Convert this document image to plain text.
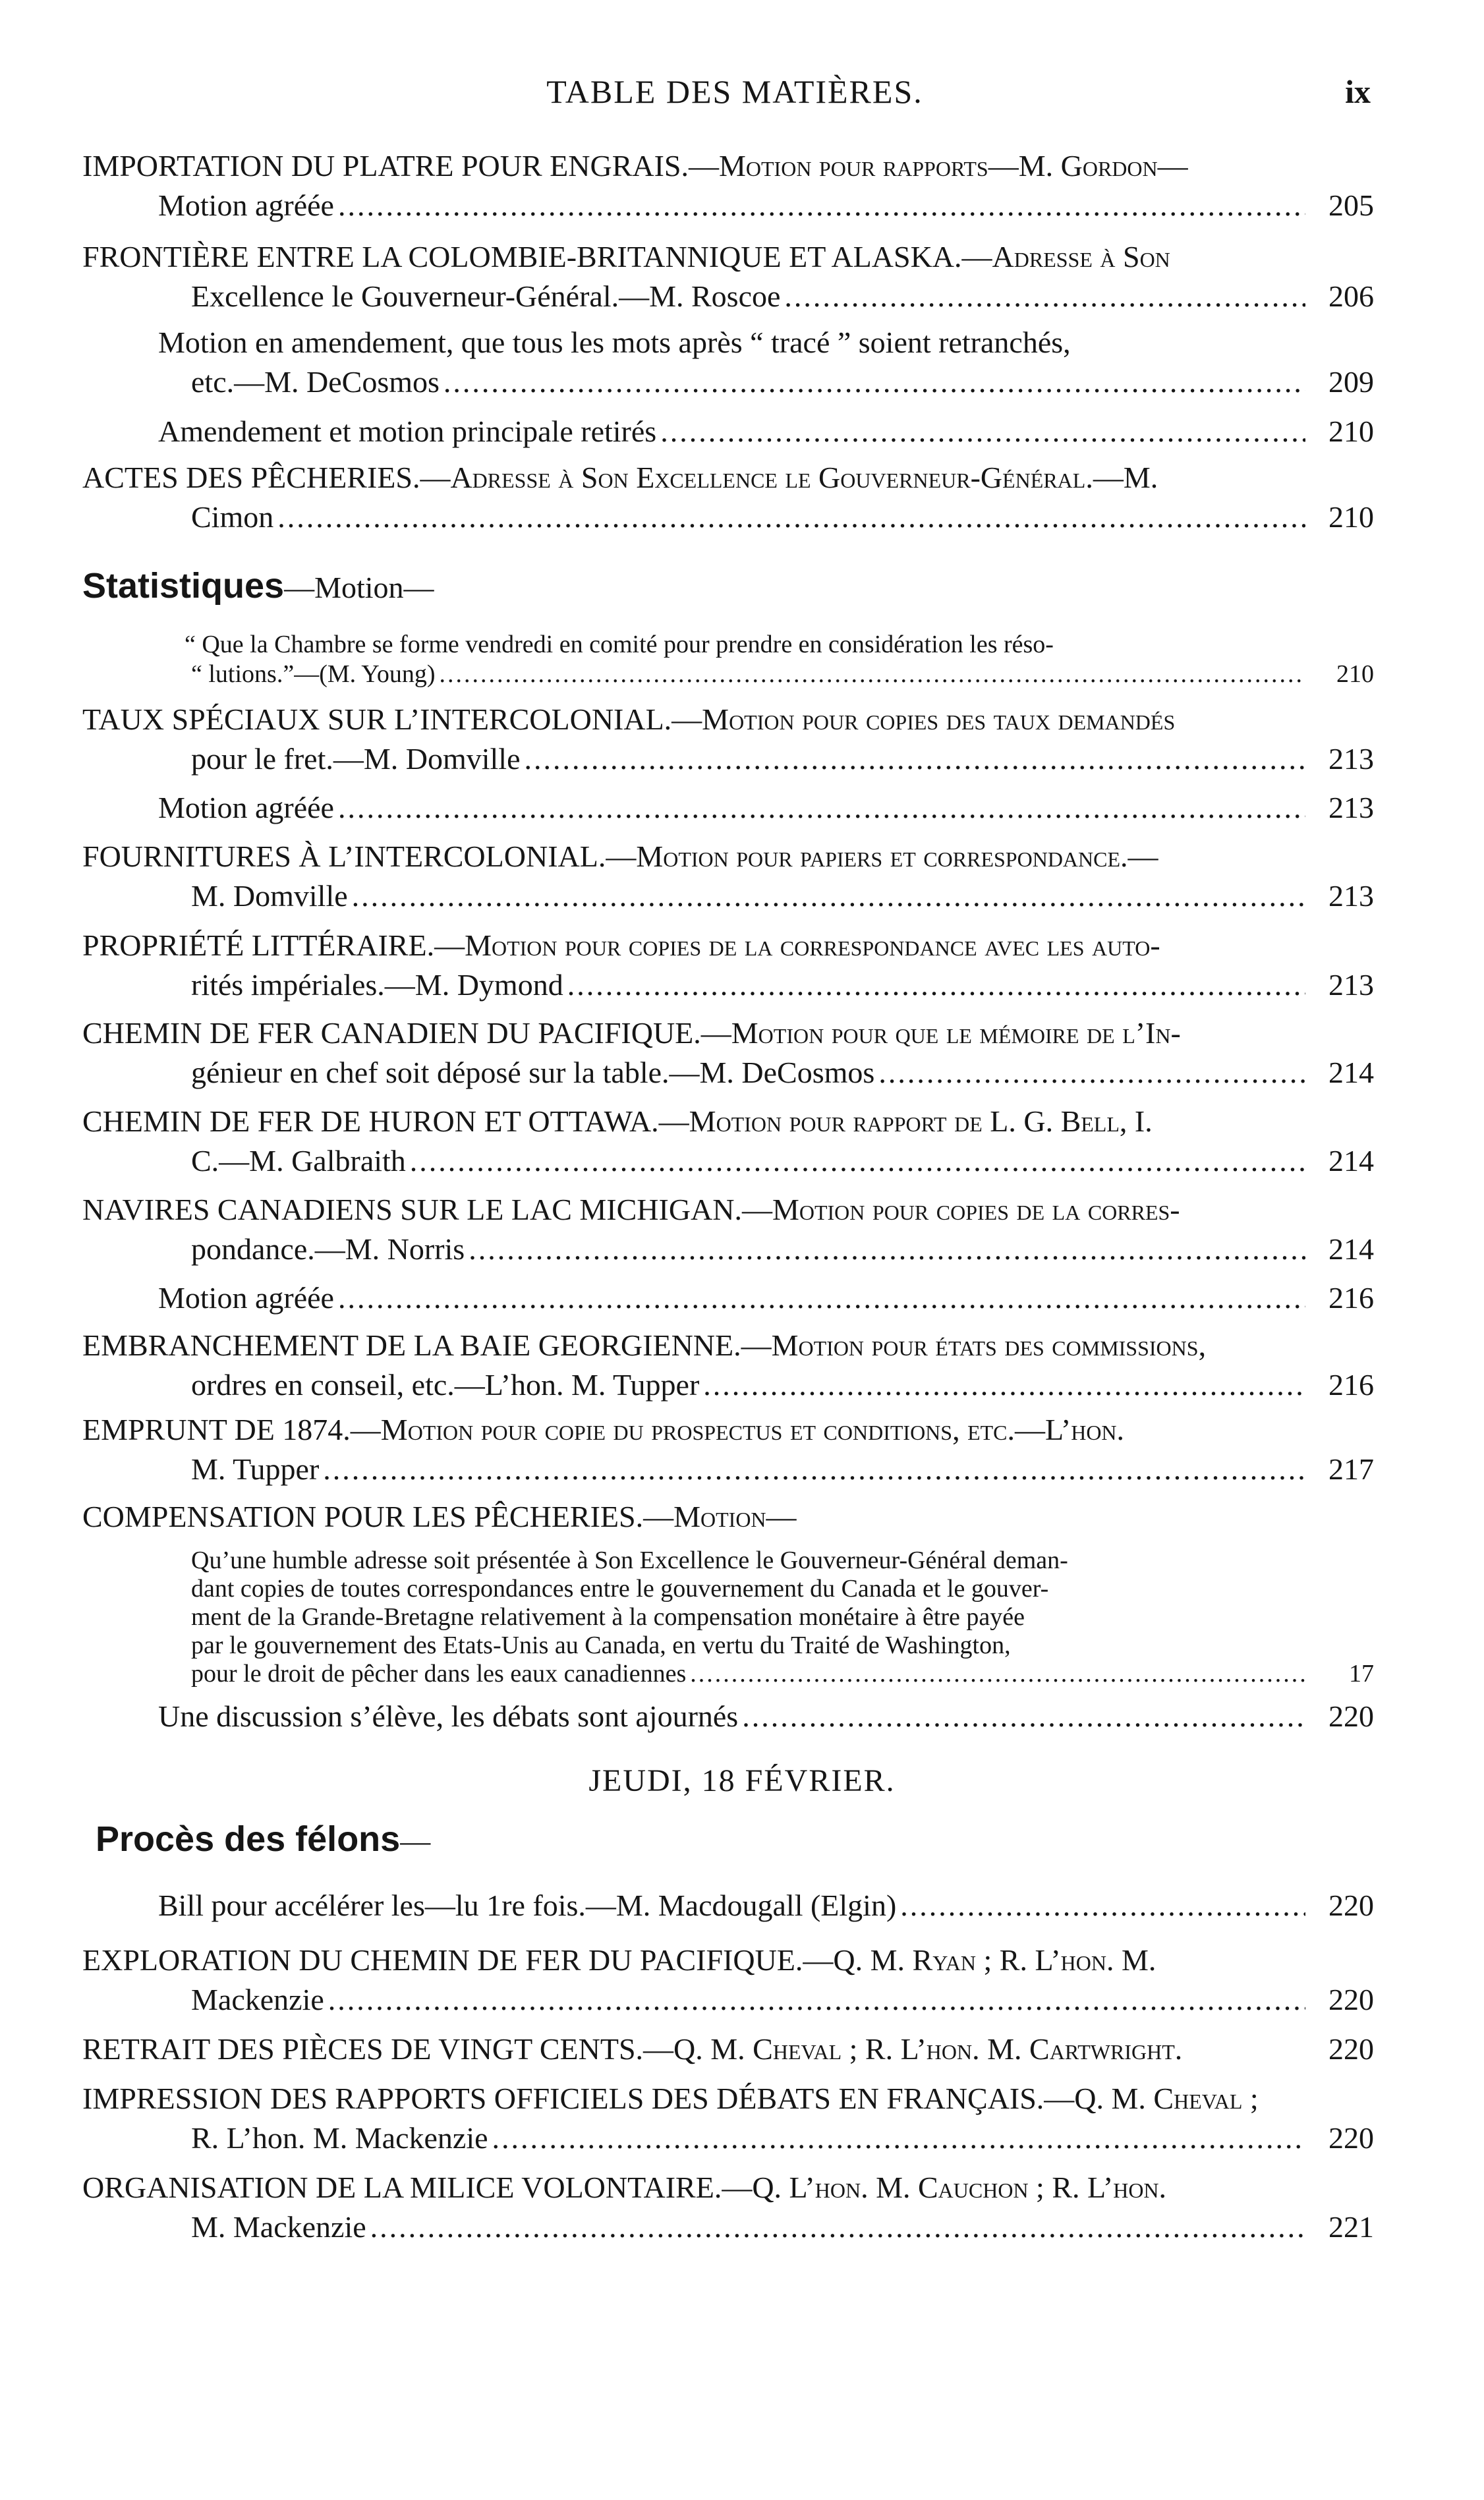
TABLE DES MATIÈRES.	ix
IMPORTATION DU PLATRE POUR ENGRAIS.—Motion pour rapports—M. Gordon—
Motion agréée .....	205
FRONTIÈRE ENTRE LA COLOMBIE-BRITANNIQUE ET ALASKA.—Adresse à Son
Excellence le Gouverneur-Général.—M. Roscoe .....	206
Motion en amendement, que tous les mots après “ tracé ” soient retranchés,
etc.—M. DeCosmos .....	209
Amendement et motion principale retirés .....	210
ACTES DES PÊCHERIES.—Adresse à Son Excellence le Gouverneur-Général.—M.
Cimon .....	210
Statistiques—Motion—
“ Que la Chambre se forme vendredi en comité pour prendre en considération les réso-
“ lutions.”—(M. Young) .....	210
TAUX SPÉCIAUX SUR L’INTERCOLONIAL.—Motion pour copies des taux demandés
pour le fret.—M. Domville .....	213
Motion agréée .....	213
FOURNITURES À L’INTERCOLONIAL.—Motion pour papiers et correspondance.—
M. Domville .....	213
PROPRIÉTÉ LITTÉRAIRE.—Motion pour copies de la correspondance avec les auto-
rités impériales.—M. Dymond .....	213
CHEMIN DE FER CANADIEN DU PACIFIQUE.—Motion pour que le mémoire de l’In-
génieur en chef soit déposé sur la table.—M. DeCosmos .....	214
CHEMIN DE FER DE HURON ET OTTAWA.—Motion pour rapport de L. G. Bell, I.
C.—M. Galbraith .....	214
NAVIRES CANADIENS SUR LE LAC MICHIGAN.—Motion pour copies de la corres-
pondance.—M. Norris .....	214
Motion agréée .....	216
EMBRANCHEMENT DE LA BAIE GEORGIENNE.—Motion pour états des commissions,
ordres en conseil, etc.—L’hon. M. Tupper .....	216
EMPRUNT DE 1874.—Motion pour copie du prospectus et conditions, etc.—L’hon.
M. Tupper .....	217
COMPENSATION POUR LES PÊCHERIES.—Motion—
Qu’une humble adresse soit présentée à Son Excellence le Gouverneur-Général deman-
dant copies de toutes correspondances entre le gouvernement du Canada et le gouver-
ment de la Grande-Bretagne relativement à la compensation monétaire à être payée
par le gouvernement des Etats-Unis au Canada, en vertu du Traité de Washington,
pour le droit de pêcher dans les eaux canadiennes .....	17
Une discussion s’élève, les débats sont ajournés .....	220
JEUDI, 18 FÉVRIER.
Procès des félons—
Bill pour accélérer les—lu 1re fois.—M. Macdougall (Elgin) .....	220
EXPLORATION DU CHEMIN DE FER DU PACIFIQUE.—Q. M. Ryan ; R. L’hon. M.
Mackenzie .....	220
RETRAIT DES PIÈCES DE VINGT CENTS.—Q. M. Cheval ; R. L’hon. M. Cartwright.	220
IMPRESSION DES RAPPORTS OFFICIELS DES DÉBATS EN FRANÇAIS.—Q. M. Cheval ;
R. L’hon. M. Mackenzie .....	220
ORGANISATION DE LA MILICE VOLONTAIRE.—Q. L’hon. M. Cauchon ; R. L’hon.
M. Mackenzie .....	221
